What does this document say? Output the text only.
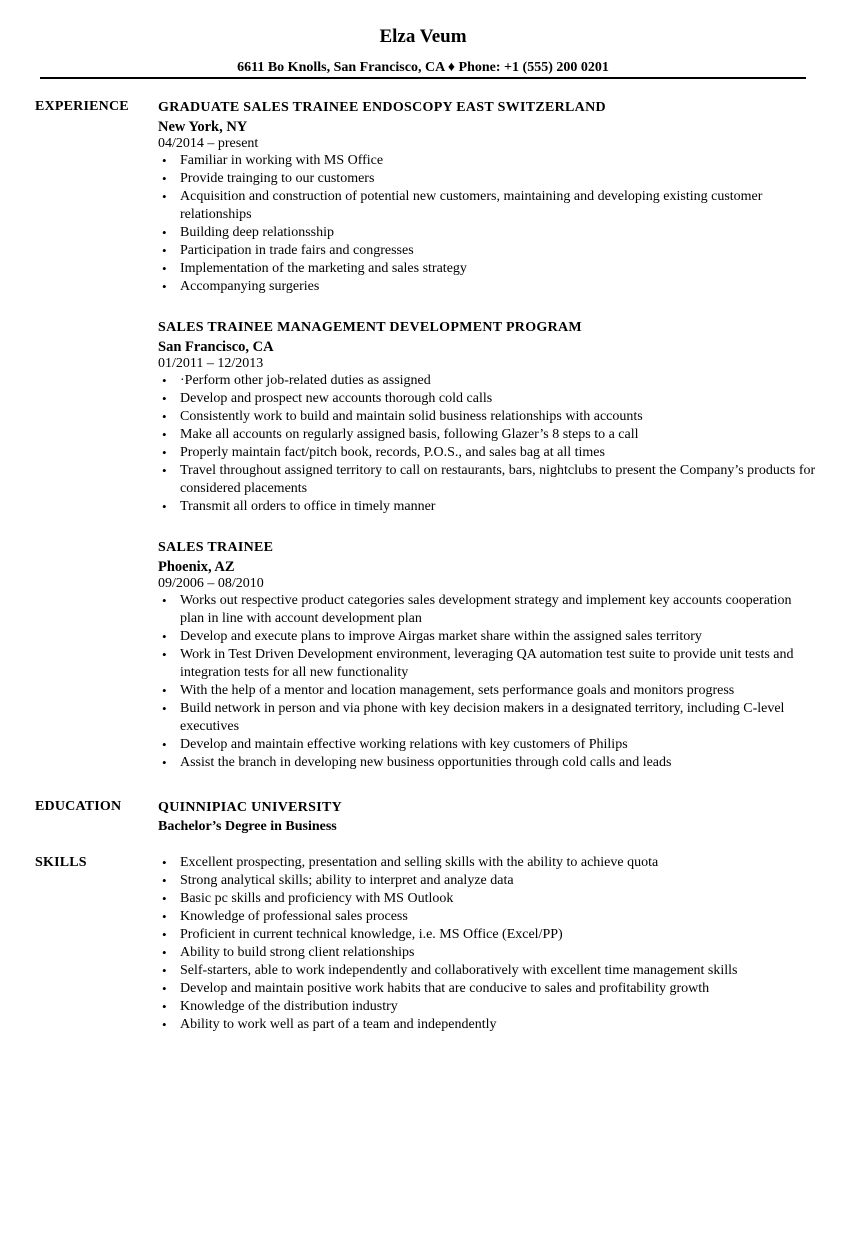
Elza Veum
6611 Bo Knolls, San Francisco, CA ♦ Phone: +1 (555) 200 0201
EXPERIENCE GRADUATE SALES TRAINEE ENDOSCOPY EAST SWITZERLAND
New York, NY
04/2014 – present
• Familiar in working with MS Office
• Provide trainging to our customers
• Acquisition and construction of potential new customers, maintaining and developing existing customer relationships
• Building deep relationsship
• Participation in trade fairs and congresses
• Implementation of the marketing and sales strategy
• Accompanying surgeries
SALES TRAINEE MANAGEMENT DEVELOPMENT PROGRAM
San Francisco, CA
01/2011 – 12/2013
• ·Perform other job-related duties as assigned
• Develop and prospect new accounts thorough cold calls
• Consistently work to build and maintain solid business relationships with accounts
• Make all accounts on regularly assigned basis, following Glazer’s 8 steps to a call
• Properly maintain fact/pitch book, records, P.O.S., and sales bag at all times
• Travel throughout assigned territory to call on restaurants, bars, nightclubs to present the Company’s products for considered placements
• Transmit all orders to office in timely manner
SALES TRAINEE
Phoenix, AZ
09/2006 – 08/2010
• Works out respective product categories sales development strategy and implement key accounts cooperation plan in line with account development plan
• Develop and execute plans to improve Airgas market share within the assigned sales territory
• Work in Test Driven Development environment, leveraging QA automation test suite to provide unit tests and integration tests for all new functionality
• With the help of a mentor and location management, sets performance goals and monitors progress
• Build network in person and via phone with key decision makers in a designated territory, including C-level executives
• Develop and maintain effective working relations with key customers of Philips
• Assist the branch in developing new business opportunities through cold calls and leads
EDUCATION	QUINNIPIAC UNIVERSITY
Bachelor’s Degree in Business
SKILLS
•	Excellent prospecting, presentation and selling skills with the ability to achieve quota
• Strong analytical skills; ability to interpret and analyze data
• Basic pc skills and proficiency with MS Outlook
• Knowledge of professional sales process
• Proficient in current technical knowledge, i.e. MS Office (Excel/PP)
• Ability to build strong client relationships
• Self-starters, able to work independently and collaboratively with excellent time management skills
• Develop and maintain positive work habits that are conducive to sales and profitability growth
• Knowledge of the distribution industry
• Ability to work well as part of a team and independently
